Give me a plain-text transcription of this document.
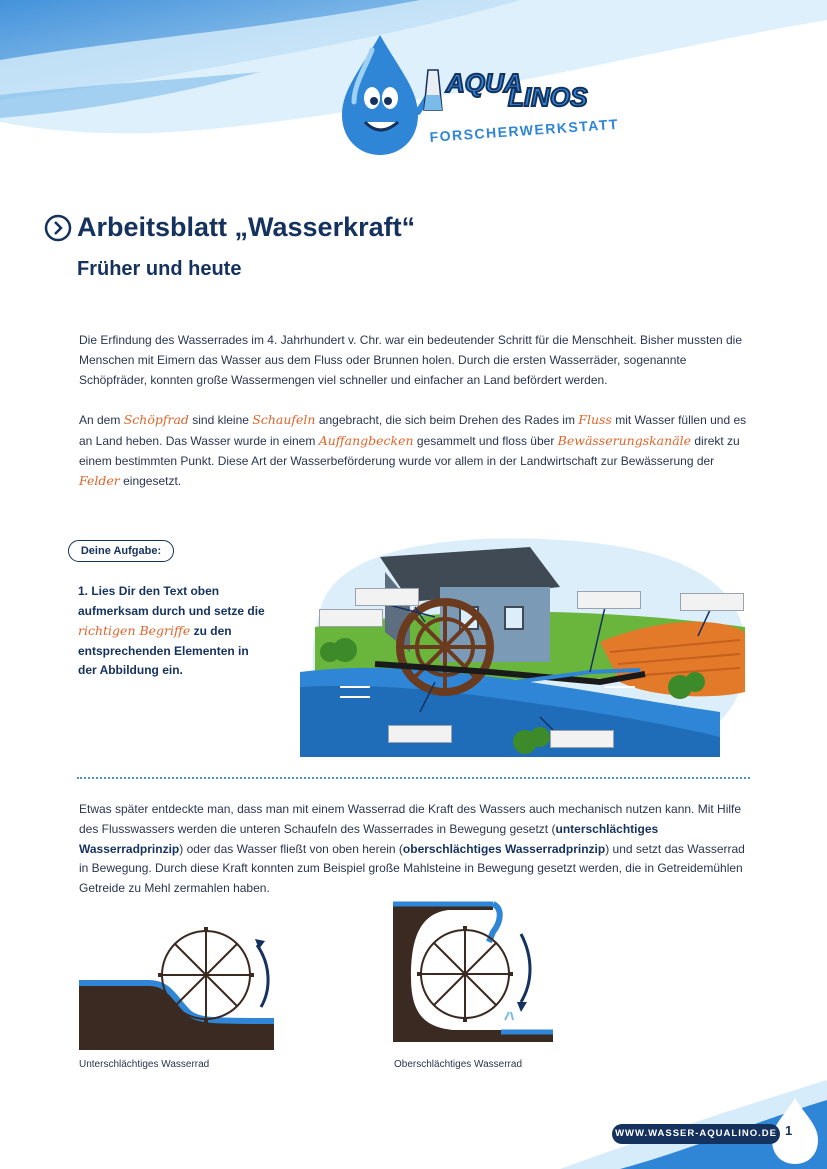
AQUA
LINOS
FORSCHERWERKSTATT
Arbeitsblatt „Wasserkraft“
Früher und heute
Die Erfindung des Wasserrades im 4. Jahrhundert v. Chr. war ein bedeutender Schritt für die Menschheit. Bisher mussten die Menschen mit Eimern das Wasser aus dem Fluss oder Brunnen holen. Durch die ersten Wasserräder, sogenannte Schöpfräder, konnten große Wassermengen viel schneller und einfacher an Land befördert werden.
An dem Schöpfrad sind kleine Schaufeln angebracht, die sich beim Drehen des Rades im Fluss mit Wasser füllen und es an Land heben. Das Wasser wurde in einem Auffangbecken gesammelt und floss über Bewässerungskanäle direkt zu einem bestimmten Punkt. Diese Art der Wasserbeförderung wurde vor allem in der Landwirtschaft zur Bewässerung der Felder eingesetzt.
Deine Aufgabe:
1. Lies Dir den Text oben aufmerksam durch und setze die richtigen Begriffe zu den entsprechenden Elementen in der Abbildung ein.
Etwas später entdeckte man, dass man mit einem Wasserrad die Kraft des Wassers auch mechanisch nutzen kann. Mit Hilfe des Flusswassers werden die unteren Schaufeln des Wasserrades in Bewegung gesetzt (unterschlächtiges Wasserradprinzip) oder das Wasser fließt von oben herein (oberschlächtiges Wasserradprinzip) und setzt das Wasserrad in Bewegung. Durch diese Kraft konnten zum Beispiel große Mahlsteine in Bewegung gesetzt werden, die in Getreidemühlen Getreide zu Mehl zermahlen haben.
Unterschlächtiges Wasserrad	Oberschlächtiges Wasserrad
WWW.WASSER-AQUALINO.DE 1
